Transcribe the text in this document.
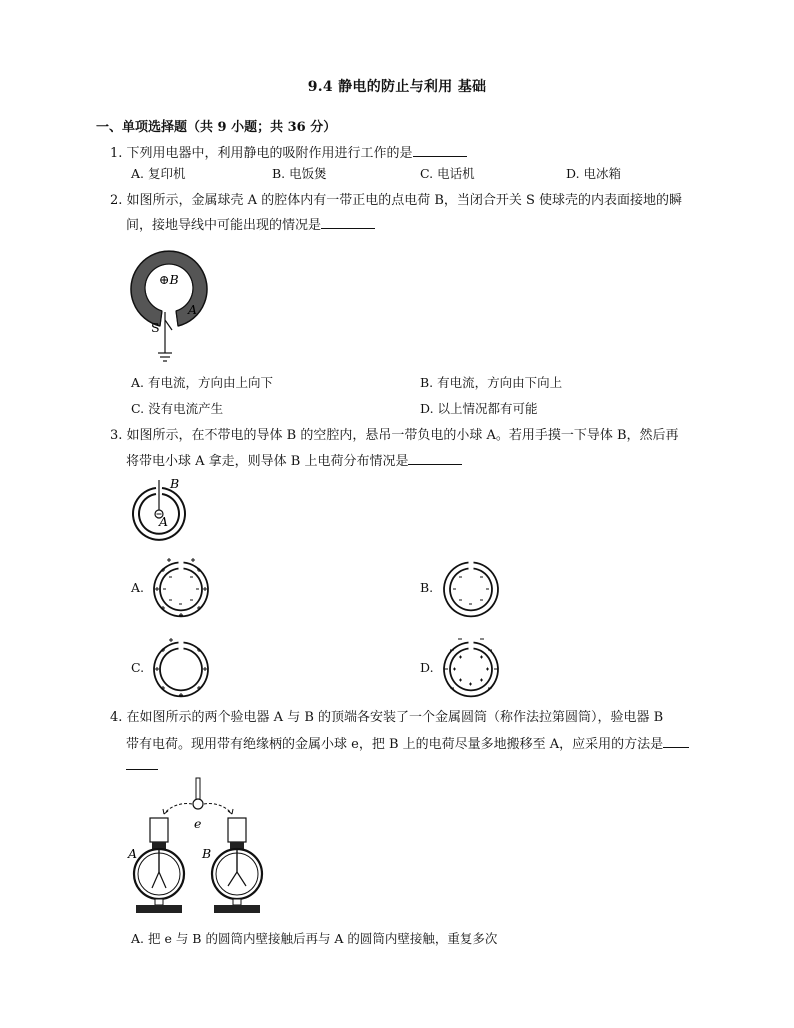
9.4 静电的防止与利用 基础
一、单项选择题（共 9 小题；共 36 分）
1. 下列用电器中，利用静电的吸附作用进行工作的是
A. 复印机	B. 电饭煲	C. 电话机	D. 电冰箱
2. 如图所示，金属球壳 A 的腔体内有一带正电的点电荷 B，当闭合开关 S 使球壳的内表面接地的瞬
间，接地导线中可能出现的情况是
⊕B
A
S
A. 有电流，方向由上向下	B. 有电流，方向由下向上
C. 没有电流产生	D. 以上情况都有可能
3. 如图所示，在不带电的导体 B 的空腔内，悬吊一带负电的小球 A。若用手摸一下导体 B，然后再
将带电小球 A 拿走，则导体 B 上电荷分布情况是
B
A
A.	B.
C.	D.
4. 在如图所示的两个验电器 A 与 B 的顶端各安装了一个金属圆筒（称作法拉第圆筒），验电器 B
带有电荷。现用带有绝缘柄的金属小球 e，把 B 上的电荷尽量多地搬移至 A，应采用的方法是
e
A	B
A. 把 e 与 B 的圆筒内壁接触后再与 A 的圆筒内壁接触，重复多次
